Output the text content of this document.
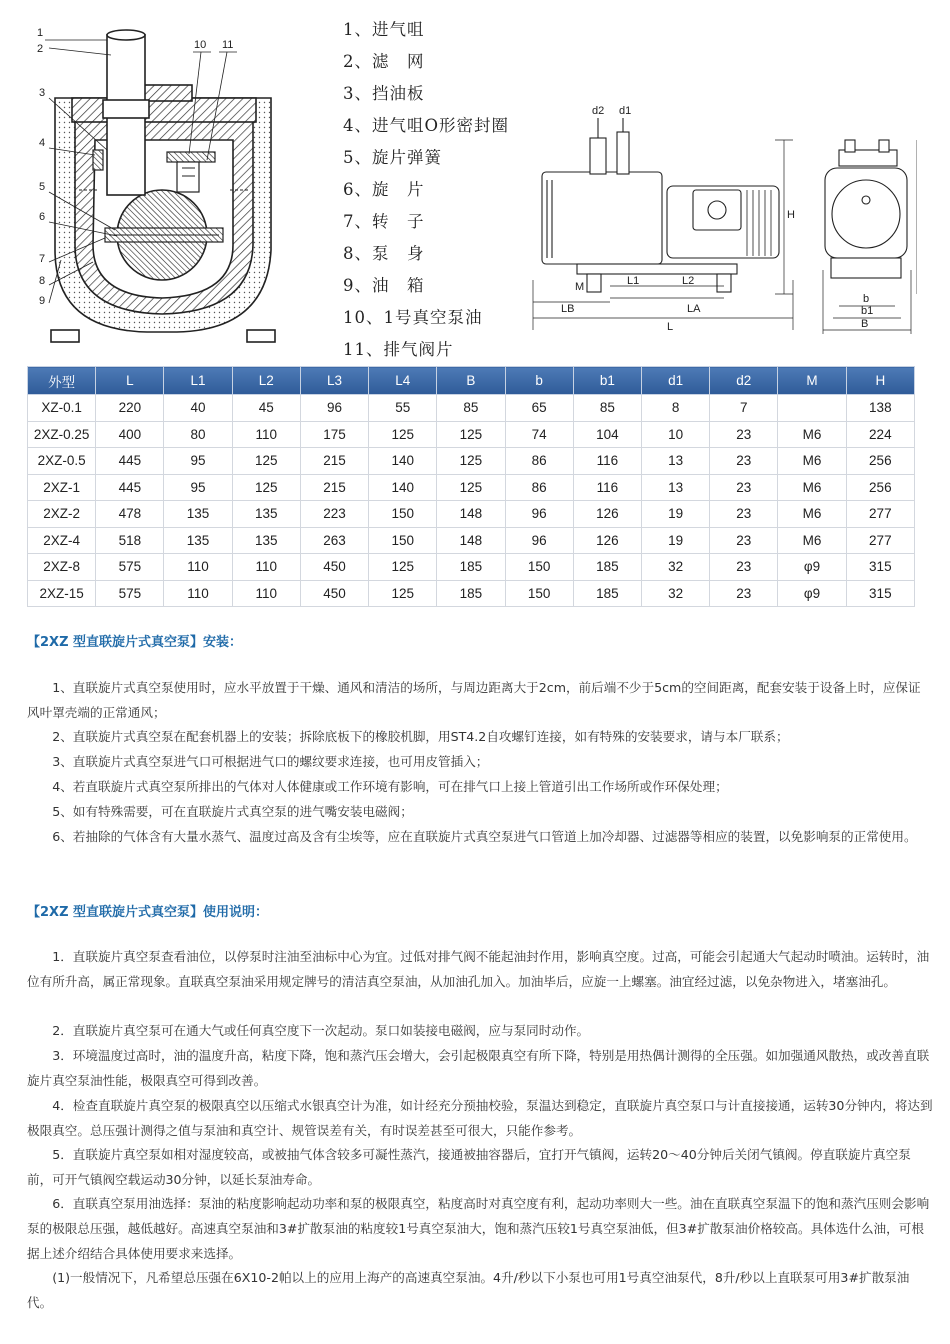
1
2
3
4
5
6
7
8
9
10 11
d2 d1
H
M	L1	L2
LB	LA
L
b
b1
B
1、进气咀
2、滤　网
3、挡油板
4、进气咀O形密封圈
5、旋片弹簧
6、旋　片
7、转　子
8、泵　身
9、油　箱
10、1号真空泵油
11、排气阀片
外型	L	L1	L2	L3	L4	B	b	b1	d1	d2	M	H
XZ-0.1	220	40	45	96	55	85	65	85	8	7		138
2XZ-0.25	400	80	110	175	125	125	74	104	10	23	M6	224
2XZ-0.5	445	95	125	215	140	125	86	116	13	23	M6	256
2XZ-1	445	95	125	215	140	125	86	116	13	23	M6	256
2XZ-2	478	135	135	223	150	148	96	126	19	23	M6	277
2XZ-4	518	135	135	263	150	148	96	126	19	23	M6	277
2XZ-8	575	110	110	450	125	185	150	185	32	23	φ9	315
2XZ-15	575	110	110	450	125	185	150	185	32	23	φ9	315
【2XZ 型直联旋片式真空泵】安装：
1、直联旋片式真空泵使用时，应水平放置于干燥、通风和清洁的场所，与周边距离大于2cm，前后端不少于5cm的空间距离，配套安装于设备上时，应保证风叶罩壳端的正常通风；
2、直联旋片式真空泵在配套机器上的安装；拆除底板下的橡胶机脚，用ST4.2自攻螺钉连接，如有特殊的安装要求，请与本厂联系；
3、直联旋片式真空泵进气口可根据进气口的螺纹要求连接，也可用皮管插入；
4、若直联旋片式真空泵所排出的气体对人体健康或工作环境有影响，可在排气口上接上管道引出工作场所或作环保处理；
5、如有特殊需要，可在直联旋片式真空泵的进气嘴安装电磁阀；
6、若抽除的气体含有大量水蒸气、温度过高及含有尘埃等，应在直联旋片式真空泵进气口管道上加冷却器、过滤器等相应的装置，以免影响泵的正常使用。
【2XZ 型直联旋片式真空泵】使用说明：
1．直联旋片真空泵查看油位，以停泵时注油至油标中心为宜。过低对排气阀不能起油封作用，影响真空度。过高，可能会引起通大气起动时喷油。运转时，油位有所升高，属正常现象。直联真空泵油采用规定牌号的清洁真空泵油，从加油孔加入。加油毕后，应旋一上螺塞。油宜经过滤，以免杂物进入，堵塞油孔。
2．直联旋片真空泵可在通大气或任何真空度下一次起动。泵口如装接电磁阀，应与泵同时动作。
3．环境温度过高时，油的温度升高，粘度下降，饱和蒸汽压会增大，会引起极限真空有所下降，特别是用热偶计测得的全压强。如加强通风散热，或改善直联旋片真空泵油性能，极限真空可得到改善。
4．检查直联旋片真空泵的极限真空以压缩式水银真空计为准，如计经充分预抽校验，泵温达到稳定，直联旋片真空泵口与计直接接通，运转30分钟内，将达到极限真空。总压强计测得之值与泵油和真空计、规管误差有关，有时误差甚至可很大，只能作参考。
5．直联旋片真空泵如相对湿度较高，或被抽气体含较多可凝性蒸汽，接通被抽容器后，宜打开气镇阀，运转20～40分钟后关闭气镇阀。停直联旋片真空泵前，可开气镇阀空载运动30分钟，以延长泵油寿命。
6．直联真空泵用油选择：泵油的粘度影响起动功率和泵的极限真空，粘度高时对真空度有利，起动功率则大一些。油在直联真空泵温下的饱和蒸汽压则会影响泵的极限总压强，越低越好。高速真空泵油和3#扩散泵油的粘度较1号真空泵油大，饱和蒸汽压较1号真空泵油低，但3#扩散泵油价格较高。具体选什么油，可根据上述介绍结合具体使用要求来选择。
(1)一般情况下，凡希望总压强在6X10-2帕以上的应用上海产的高速真空泵油。4升/秒以下小泵也可用1号真空油泵代，8升/秒以上直联泵可用3#扩散泵油代。
